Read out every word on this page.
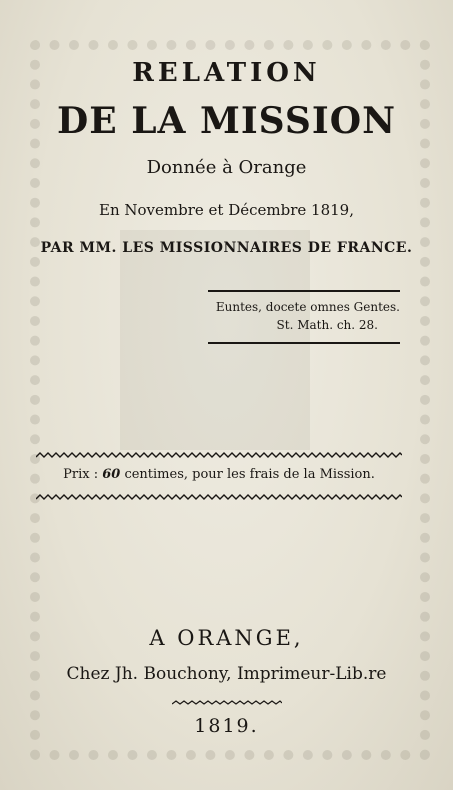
RELATION
DE LA MISSION
Donnée à Orange
En Novembre et Décembre 1819,
PAR MM. LES MISSIONNAIRES DE FRANCE.
Euntes, docete omnes Gentes.
St. Math. ch. 28.
Prix : 60 centimes, pour les frais de la Mission.
A ORANGE,
Chez Jh. Bouchony, Imprimeur-Lib.re
1819.
